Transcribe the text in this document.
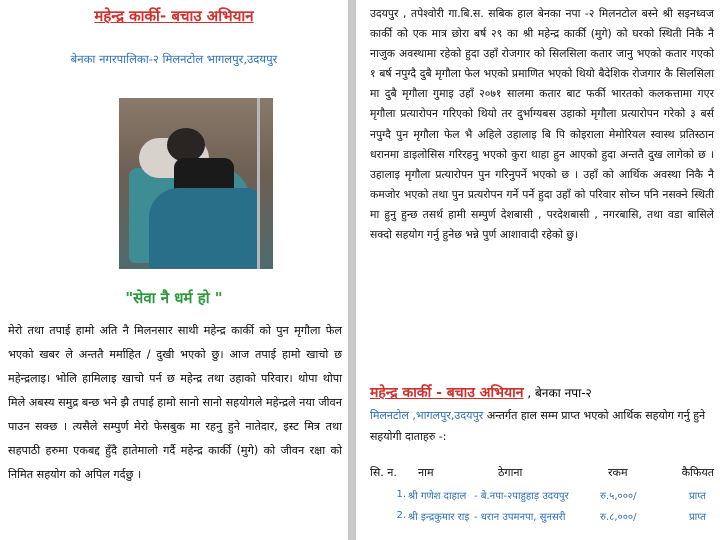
महेन्द्र कार्की- बचाउ अभियान
बेनका नगरपालिका-२ मिलनटोल भागलपुर,उदयपुर
"सेवा नै धर्म हो "
मेरो तथा तपाई हामो अति नै मिलनसार साथी महेन्द्र कार्की को पुन मृगौला फेल भएको खबर ले अन्ततै मर्माहित / दुखी भएको छु। आज तपाई हामो खाचो छ महेन्द्रलाइ। भोलि हामिलाइ खाचो पर्न छ महेन्द्र तथा उहाको परिवार। थोपा थोपा मिले अबस्य समुद्र बन्छ भने झै तपाई हामो सानो सानो सहयोगले महेन्द्रले नया जीवन पाउन सक्छ । त्यसैले सम्पुर्ण मेरो फेसबुक मा रहनु हुने नातेदार, इस्ट मित्र तथा सहपाठी हरुमा एकबद्द हुँदै हातेमालो गर्दै महेन्द्र कार्की (मुगे) को जीवन रक्षा को निमित सहयोग को अपिल गर्दछु ।
उदयपुर , तपेश्वोरी गा.बि.स. सबिक हाल बेनका नपा -२ मिलनटोल बस्ने श्री सइनध्वज कार्की को एक मात्र छोरा बर्ष २९ का श्री महेन्द्र कार्की (मुगे) को घरको स्थिती निकै नै नाजुक अवस्थामा रहेको हुदा उहाँ रोजगार को सिलसिला कतार जानु भएको कतार गएको १ बर्ष नपुग्दै दुबै मृगौला फेल भएको प्रमाणित भएको थियो बैदेशिक रोजगार कै सिलसिला मा दुबै मृगौला गुमाइ उहाँ २०७१ सालमा कतार बाट फर्की भारतको कलकत्तामा गएर मृगौला प्रत्यारोपन गरिएको थियो तर दुर्भाग्यबस उहाको मृगौला प्रत्यारोपन गरेको ३ बर्स नपुग्दै पुन मृगौला फेल भै अहिले उहालाइ बि पि कोइराला मेमोरियल स्वास्थ प्रतिस्ठान धरानमा डाइलोसिस गरिरहनु भएको कुरा थाहा हुन आएको हुदा अन्ततै दुख लागेको छ । उहालाइ मृगौला प्रत्यारोपन पुन गरिनुपर्ने भएको छ । उहाँ को आर्थिक अवस्था निकै नै कमजोर भएको तथा पुन प्रत्यरोपन गर्ने पर्ने हुदा उहाँ को परिवार सोच्न पनि नसक्ने स्थिती मा हुनु हुन्छ तसर्थ हामी सम्पुर्ण देशबासी , परदेशबासी , नगरबासि, तथा वडा बासिले सक्दो सहयोग गर्नु हुनेछ भन्ने पुर्ण आशावादी रहेको छु।
महेन्द्र कार्की - बचाउ अभियान , बेनका नपा-२
मिलनटोल ,भागलपुर,उदयपुर अन्तर्गत हाल सम्म प्राप्त भएको आर्थिक सहयोग गर्नु हुने सहयोगी दाताहरु -:
सि. न.	नाम	ठेगाना	रकम	कैफियत
1. श्री गणेश दाहाल - बे.नपा-२पाहुहाड़ उदयपुर	रु.५,०००/	प्राप्त
2. श्री इन्द्रकुमार राइ - धरान उपमनपा, सुनसरी	रु.८,०००/	प्राप्त
